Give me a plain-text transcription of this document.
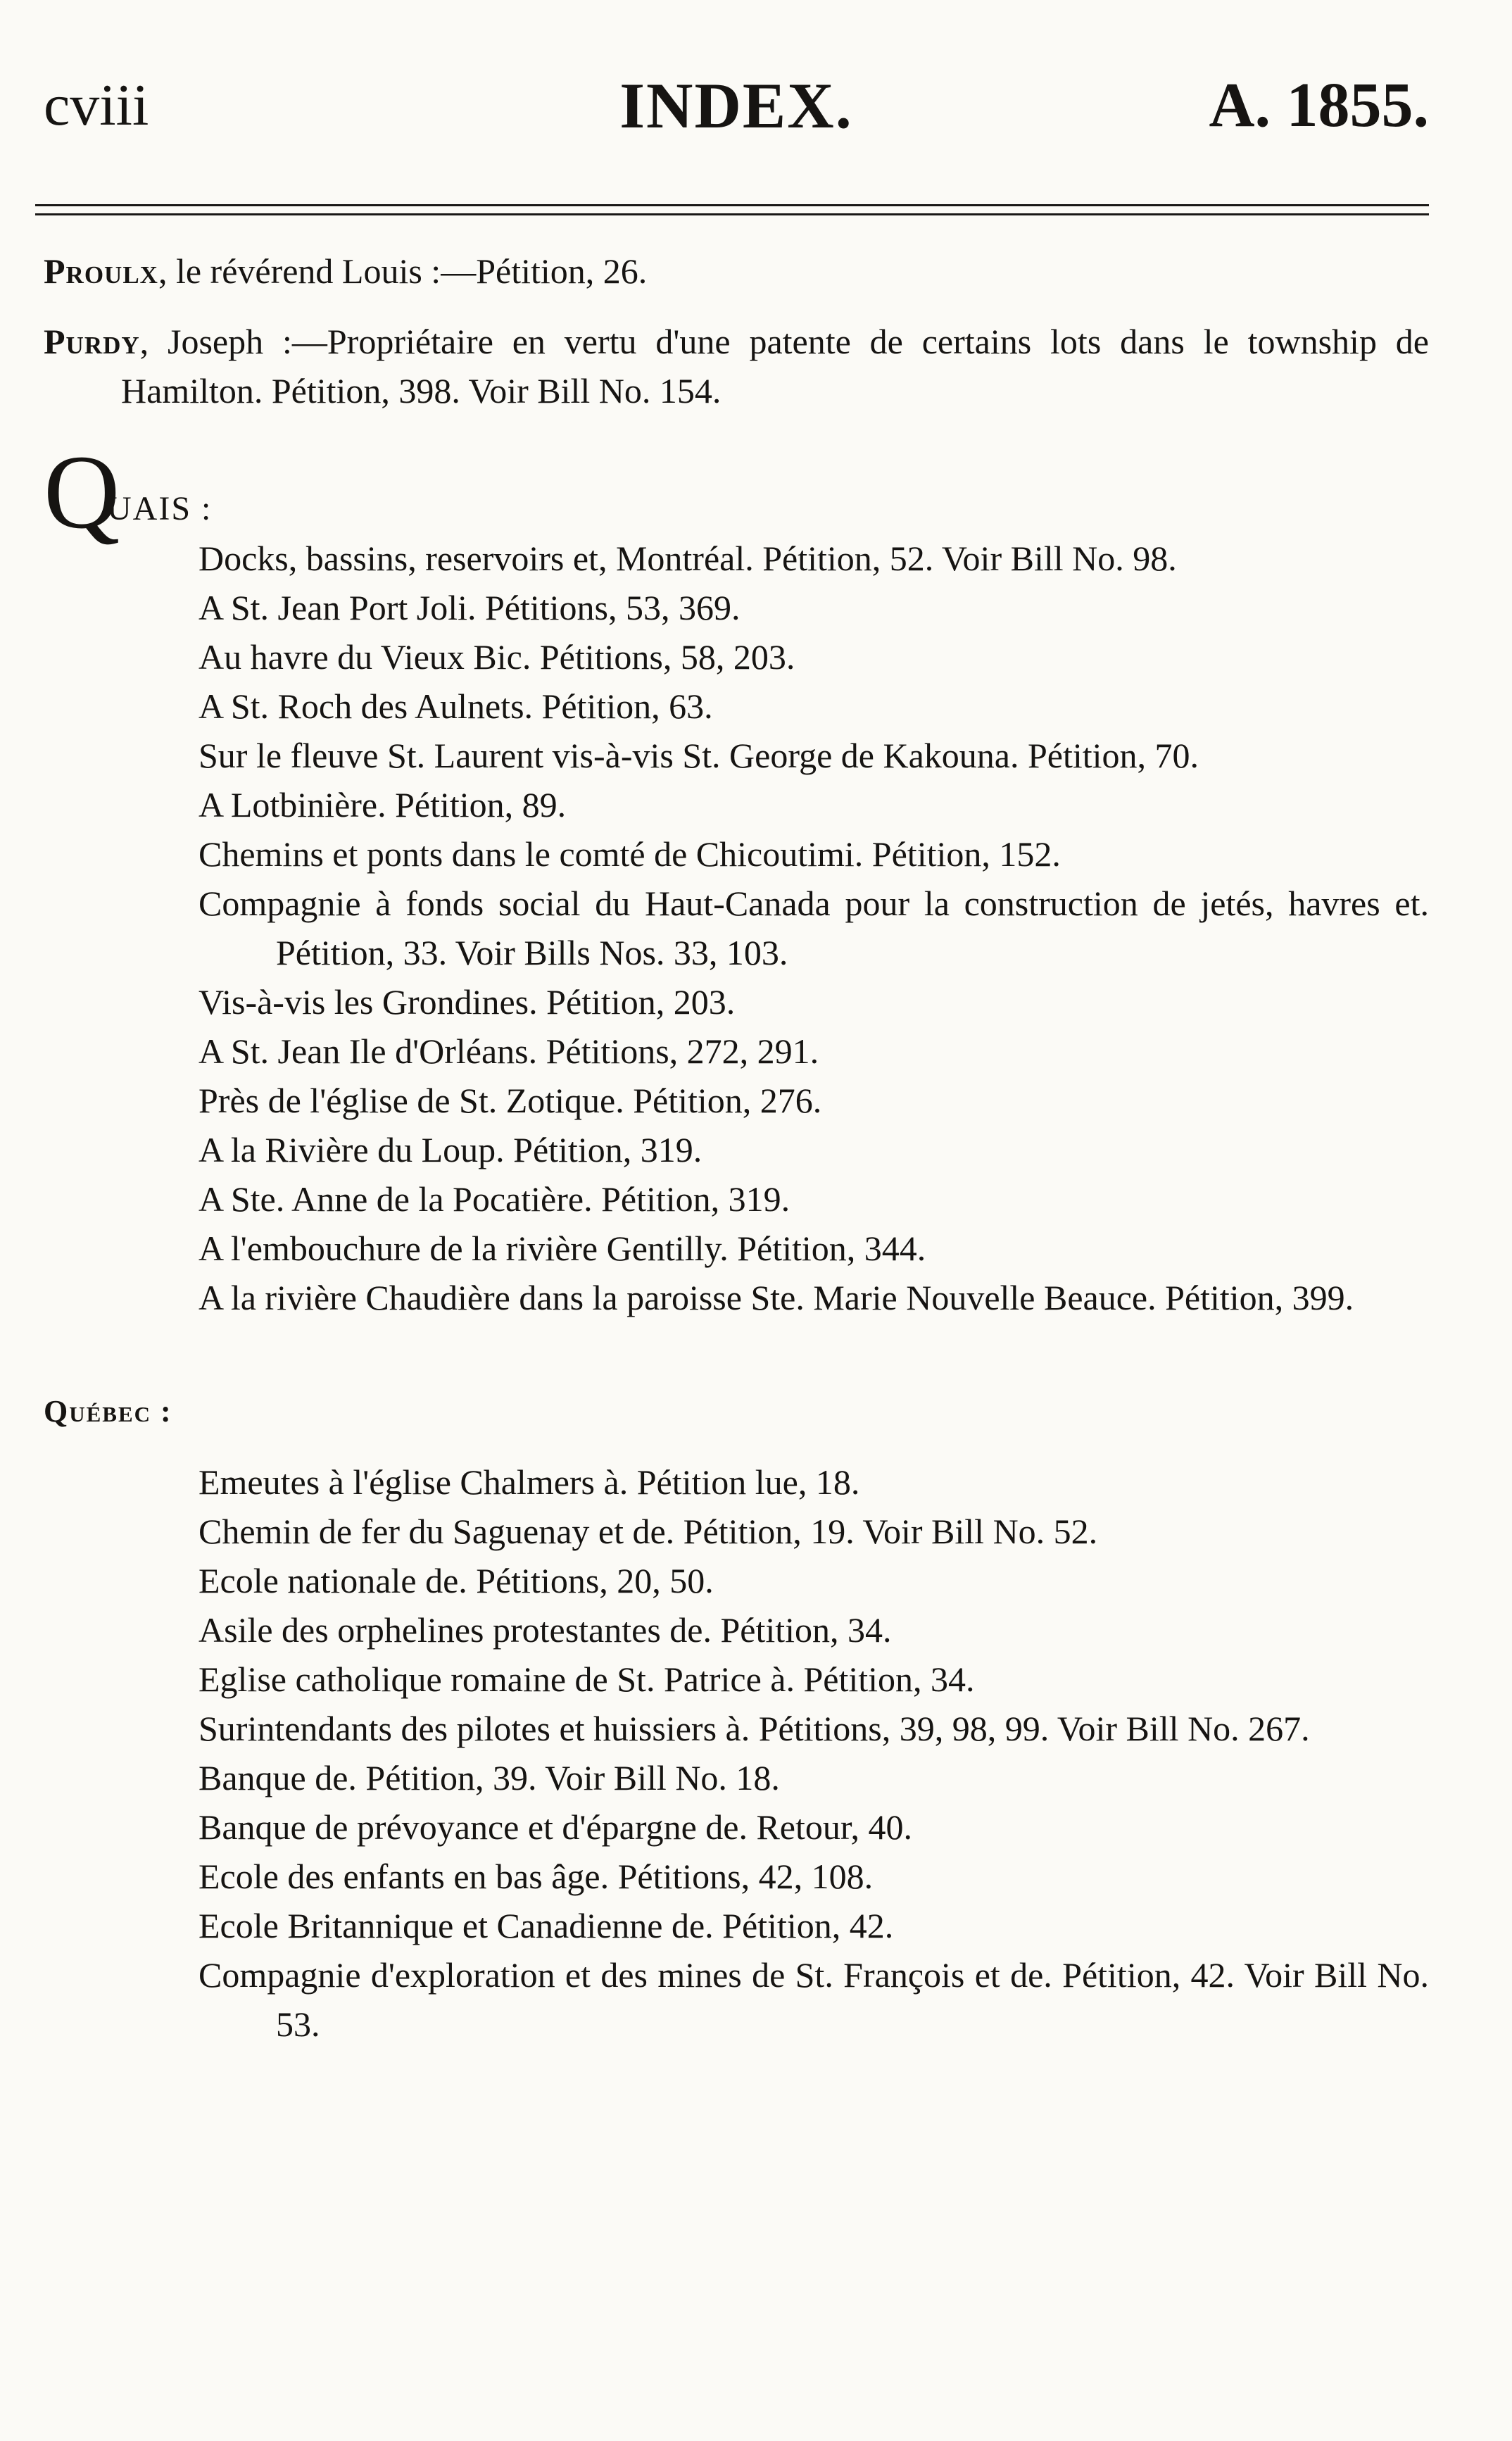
cviii	INDEX.	A. 1855.

Proulx, le révérend Louis :—Pétition, 26.

Purdy, Joseph :—Propriétaire en vertu d'une patente de certains lots dans le township de Hamilton. Pétition, 398. Voir Bill No. 154.

Q
UAIS :

Docks, bassins, reservoirs et, Montréal. Pétition, 52. Voir Bill No. 98.

A St. Jean Port Joli. Pétitions, 53, 369.

Au havre du Vieux Bic. Pétitions, 58, 203.

A St. Roch des Aulnets. Pétition, 63.

Sur le fleuve St. Laurent vis-à-vis St. George de Kakouna. Pétition, 70.

A Lotbinière. Pétition, 89.

Chemins et ponts dans le comté de Chicoutimi. Pétition, 152.

Compagnie à fonds social du Haut-Canada pour la construction de jetés, havres et. Pétition, 33. Voir Bills Nos. 33, 103.

Vis-à-vis les Grondines. Pétition, 203.

A St. Jean Ile d'Orléans. Pétitions, 272, 291.

Près de l'église de St. Zotique. Pétition, 276.

A la Rivière du Loup. Pétition, 319.

A Ste. Anne de la Pocatière. Pétition, 319.

A l'embouchure de la rivière Gentilly. Pétition, 344.

A la rivière Chaudière dans la paroisse Ste. Marie Nouvelle Beauce. Pétition, 399.

Québec :

Emeutes à l'église Chalmers à. Pétition lue, 18.

Chemin de fer du Saguenay et de. Pétition, 19. Voir Bill No. 52.

Ecole nationale de. Pétitions, 20, 50.

Asile des orphelines protestantes de. Pétition, 34.

Eglise catholique romaine de St. Patrice à. Pétition, 34.

Surintendants des pilotes et huissiers à. Pétitions, 39, 98, 99. Voir Bill No. 267.

Banque de. Pétition, 39. Voir Bill No. 18.

Banque de prévoyance et d'épargne de. Retour, 40.

Ecole des enfants en bas âge. Pétitions, 42, 108.

Ecole Britannique et Canadienne de. Pétition, 42.

Compagnie d'exploration et des mines de St. François et de. Pétition, 42. Voir Bill No. 53.
